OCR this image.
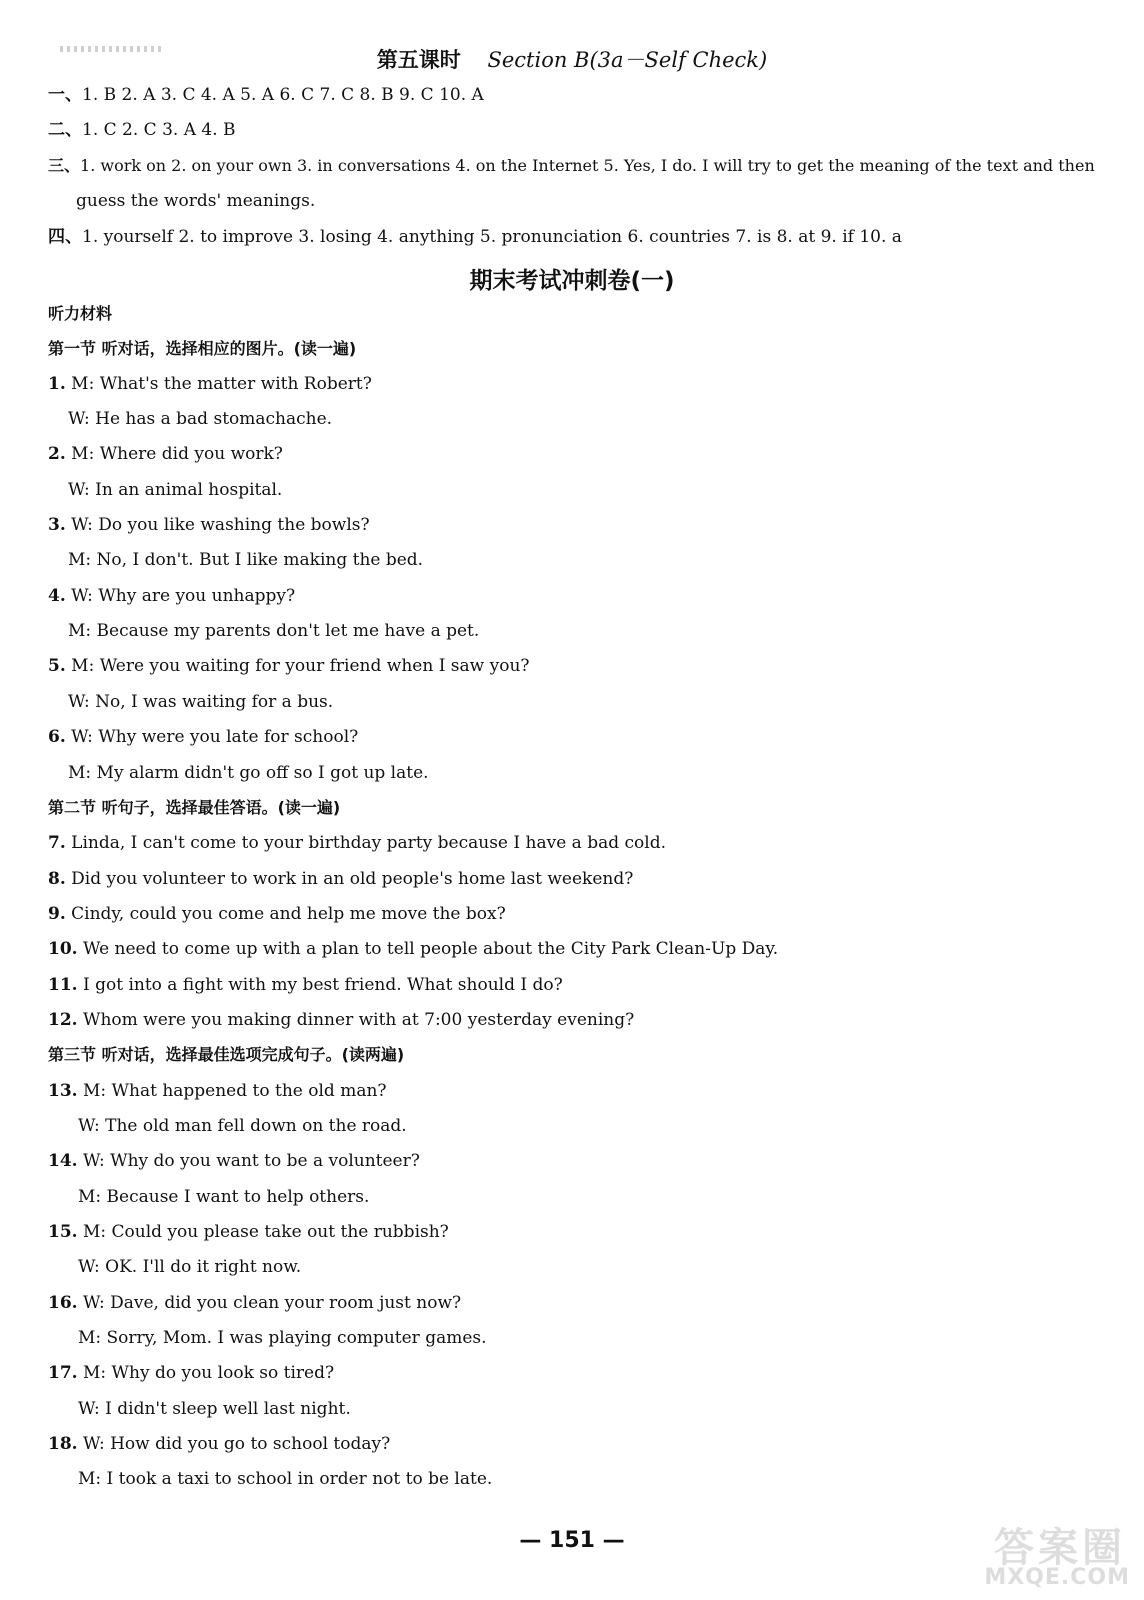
第五课时 Section B(3a－Self Check)
一、1. B 2. A 3. C 4. A 5. A 6. C 7. C 8. B 9. C 10. A
二、1. C 2. C 3. A 4. B
三、1. work on 2. on your own 3. in conversations 4. on the Internet 5. Yes, I do. I will try to get the meaning of the text and then
guess the words' meanings.
四、1. yourself 2. to improve 3. losing 4. anything 5. pronunciation 6. countries 7. is 8. at 9. if 10. a
期末考试冲刺卷(一)
听力材料
第一节 听对话，选择相应的图片。(读一遍)
1. M: What's the matter with Robert?
W: He has a bad stomachache.
2. M: Where did you work?
W: In an animal hospital.
3. W: Do you like washing the bowls?
M: No, I don't. But I like making the bed.
4. W: Why are you unhappy?
M: Because my parents don't let me have a pet.
5. M: Were you waiting for your friend when I saw you?
W: No, I was waiting for a bus.
6. W: Why were you late for school?
M: My alarm didn't go off so I got up late.
第二节 听句子，选择最佳答语。(读一遍)
7. Linda, I can't come to your birthday party because I have a bad cold.
8. Did you volunteer to work in an old people's home last weekend?
9. Cindy, could you come and help me move the box?
10. We need to come up with a plan to tell people about the City Park Clean-Up Day.
11. I got into a fight with my best friend. What should I do?
12. Whom were you making dinner with at 7:00 yesterday evening?
第三节 听对话，选择最佳选项完成句子。(读两遍)
13. M: What happened to the old man?
W: The old man fell down on the road.
14. W: Why do you want to be a volunteer?
M: Because I want to help others.
15. M: Could you please take out the rubbish?
W: OK. I'll do it right now.
16. W: Dave, did you clean your room just now?
M: Sorry, Mom. I was playing computer games.
17. M: Why do you look so tired?
W: I didn't sleep well last night.
18. W: How did you go to school today?
M: I took a taxi to school in order not to be late.
— 151 —	答案圈
MXQE.COM
